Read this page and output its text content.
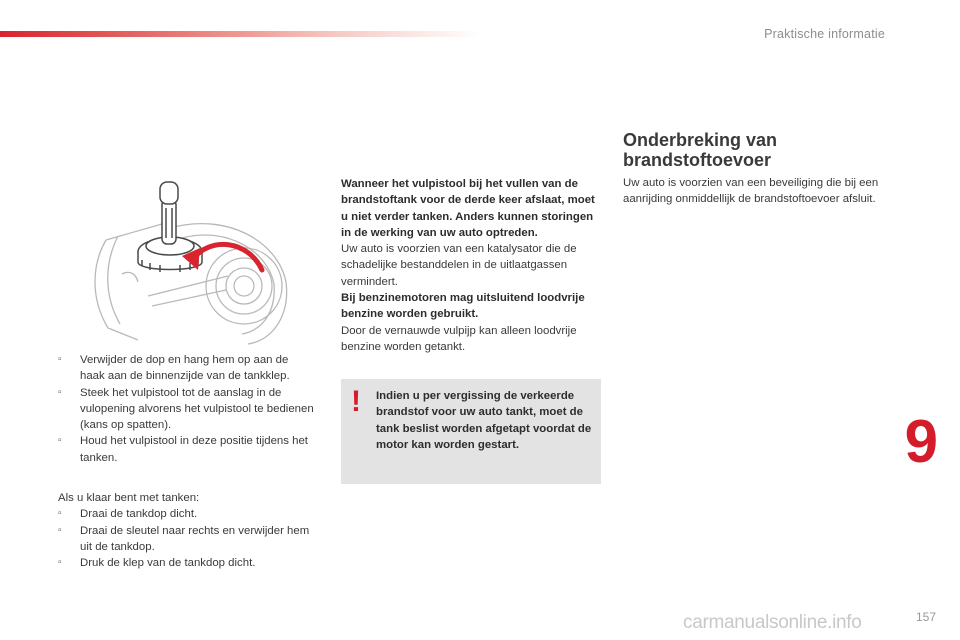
Praktische informatie
▫ Verwijder de dop en hang hem op aan de haak aan de binnenzijde van de tankklep.
▫ Steek het vulpistool tot de aanslag in de vulopening alvorens het vulpistool te bedienen (kans op spatten).
▫ Houd het vulpistool in deze positie tijdens het tanken.
Als u klaar bent met tanken:
▫ Draai de tankdop dicht.
▫ Draai de sleutel naar rechts en verwijder hem uit de tankdop.
▫ Druk de klep van de tankdop dicht.

Wanneer het vulpistool bij het vullen van de brandstoftank voor de derde keer afslaat, moet u niet verder tanken. Anders kunnen storingen in de werking van uw auto optreden.

Uw auto is voorzien van een katalysator die de schadelijke bestanddelen in de uitlaatgassen vermindert.

Bij benzinemotoren mag uitsluitend loodvrije benzine worden gebruikt.

Door de vernauwde vulpijp kan alleen loodvrije benzine worden getankt.

! Indien u per vergissing de verkeerde brandstof voor uw auto tankt, moet de tank beslist worden afgetapt voordat de motor kan worden gestart.
Onderbreking van brandstoftoevoer
Uw auto is voorzien van een beveiliging die bij een aanrijding onmiddellijk de brandstoftoevoer afsluit.
9
157
carmanualsonline.info
